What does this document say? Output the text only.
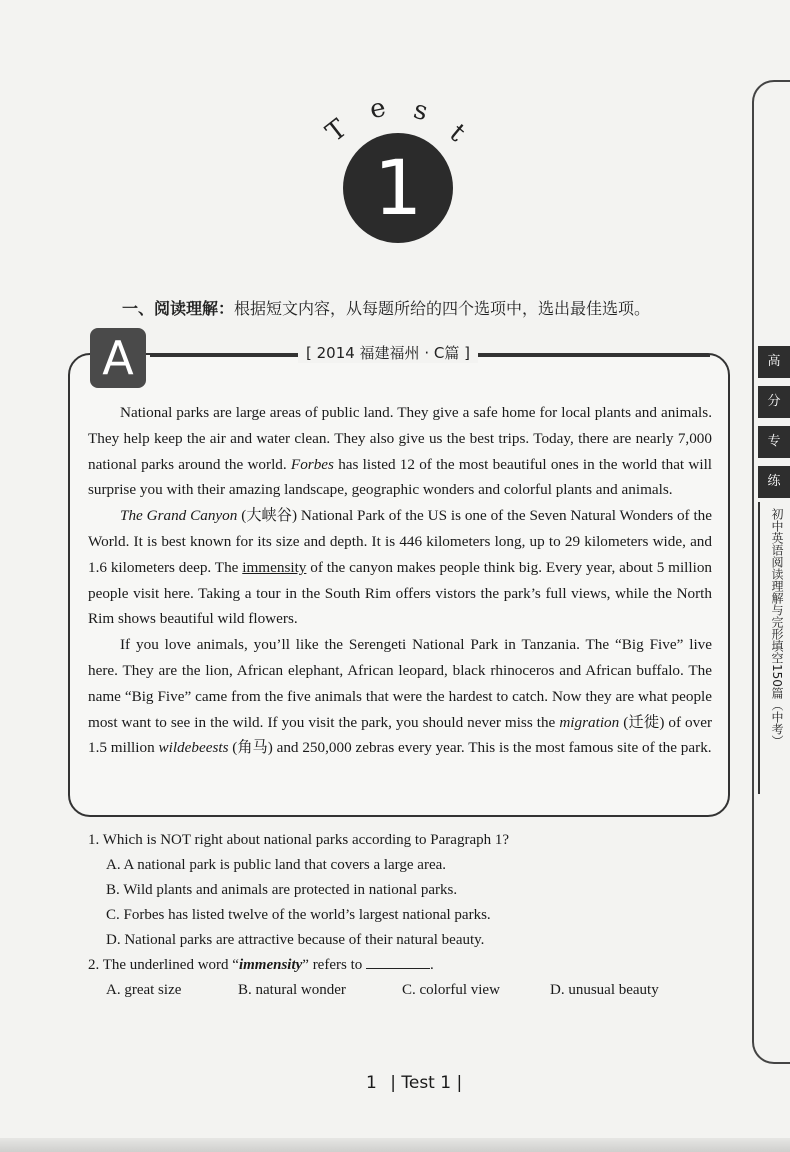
T
e s
t
1
一、阅读理解：根据短文内容，从每题所给的四个选项中，选出最佳选项。
[ 2014 福建福州 · C篇 ]
A

National parks are large areas of public land. They give a safe home for local plants and animals. They help keep the air and water clean. They also give us the best trips. Today, there are nearly 7,000 national parks around the world. Forbes has listed 12 of the most beautiful ones in the world that will surprise you with their amazing landscape, geographic wonders and colorful plants and animals.

The Grand Canyon (大峡谷) National Park of the US is one of the Seven Natural Wonders of the World. It is best known for its size and depth. It is 446 kilometers long, up to 29 kilometers wide, and 1.6 kilometers deep. The immensity of the canyon makes people think big. Every year, about 5 million people visit here. Taking a tour in the South Rim offers vistors the park’s full views, while the North Rim shows beautiful wild flowers.

If you love animals, you’ll like the Serengeti National Park in Tanzania. The “Big Five” live here. They are the lion, African elephant, African leopard, black rhinoceros and African buffalo. The name “Big Five” came from the five animals that were the hardest to catch. Now they are what people most want to see in the wild. If you visit the park, you should never miss the migration (迁徙) of over 1.5 million wildebeests (角马) and 250,000 zebras every year. This is the most famous site of the park.

1. Which is NOT right about national parks according to Paragraph 1?

A. A national park is public land that covers a large area.

B. Wild plants and animals are protected in national parks.

C. Forbes has listed twelve of the world’s largest national parks.

D. National parks are attractive because of their natural beauty.

2. The underlined word “immensity” refers to	.

A. great size	B. natural wonder	C. colorful view	D. unusual beauty
1 | Test 1 |
高
分
专
练
初中英语阅读理解与完形填空150篇（中考）
